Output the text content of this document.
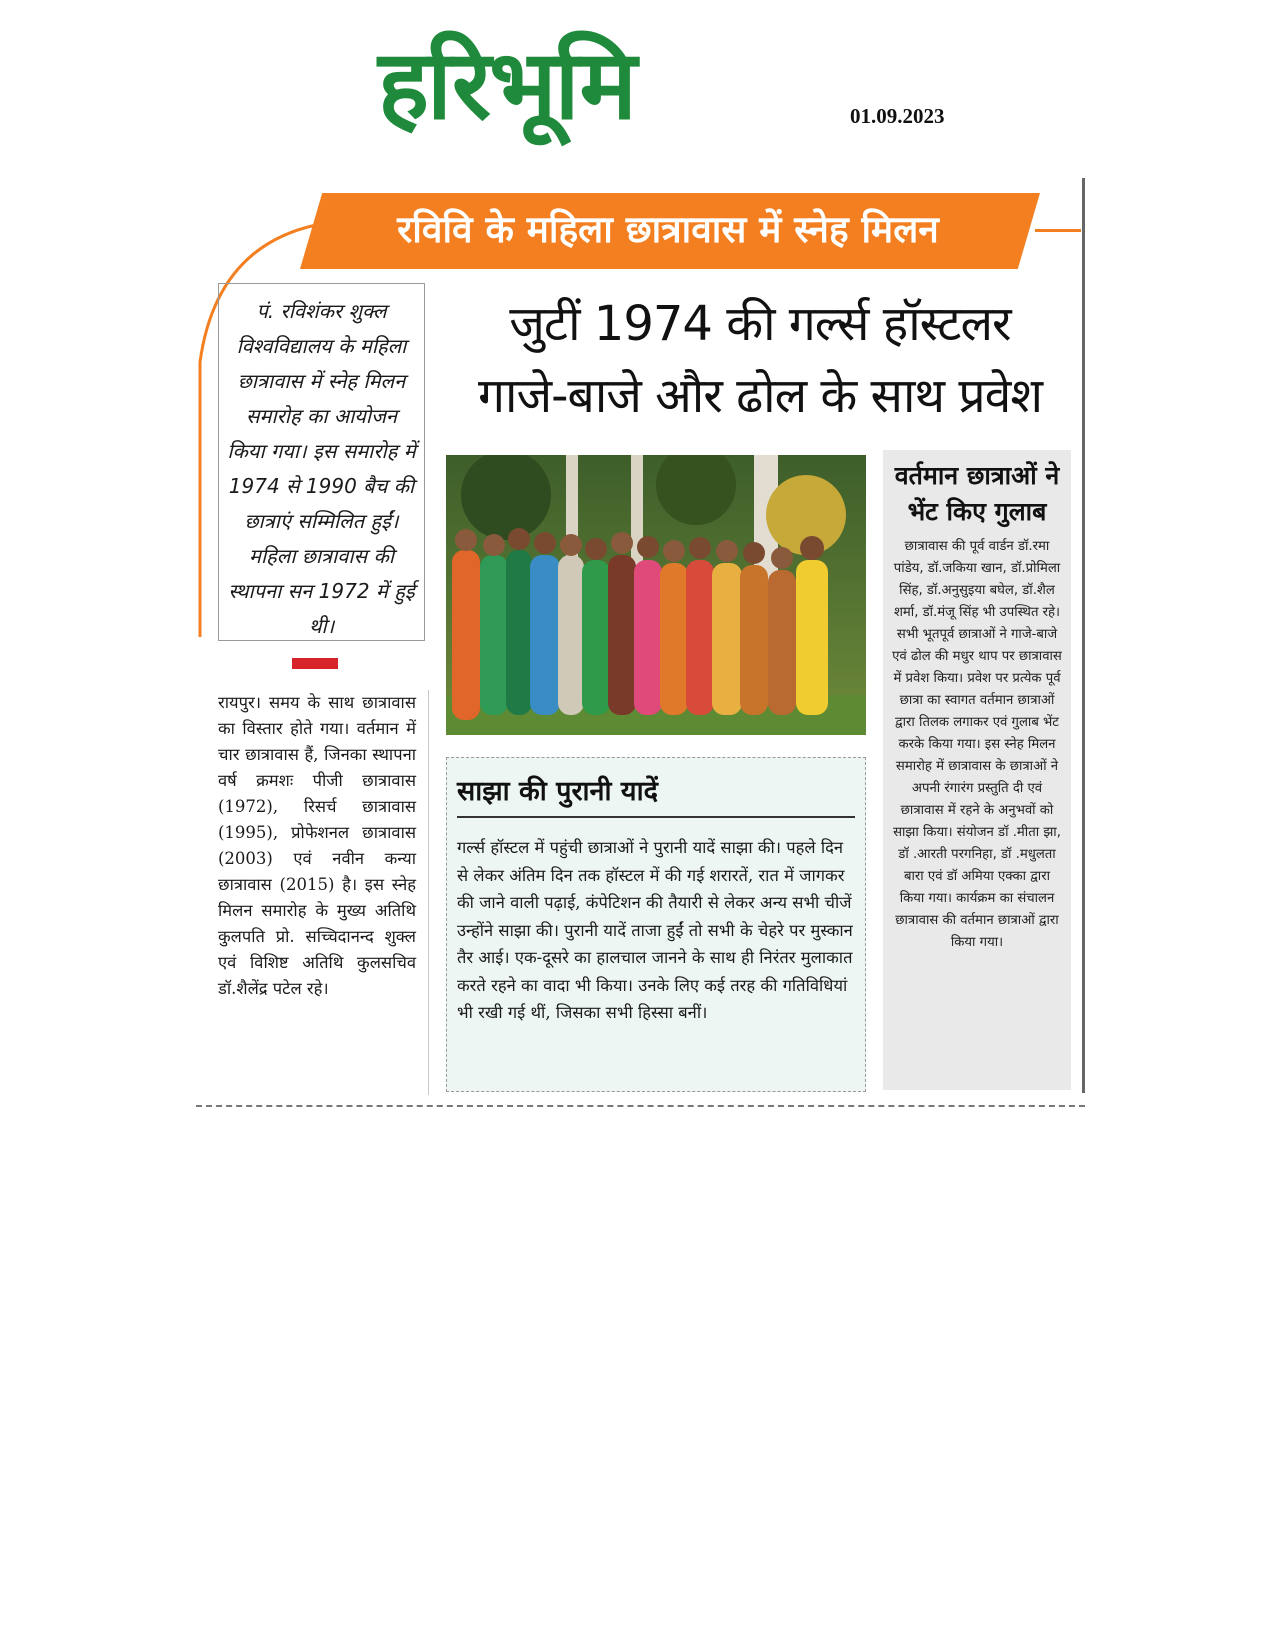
हरिभूमि	01.09.2023
रविवि के महिला छात्रावास में स्नेह मिलन
पं. रविशंकर शुक्ल विश्वविद्यालय के महिला छात्रावास में स्नेह मिलन समारोह का आयोजन किया गया। इस समारोह में 1974 से 1990 बैच की छात्राएं सम्मिलित हुईं। महिला छात्रावास की स्थापना सन 1972 में हुई थी।
रायपुर। समय के साथ छात्रावास का विस्तार होते गया। वर्तमान में चार छात्रावास हैं, जिनका स्थापना वर्ष क्रमशः पीजी छात्रावास (1972), रिसर्च छात्रावास (1995), प्रोफेशनल छात्रावास (2003) एवं नवीन कन्या छात्रावास (2015) है। इस स्नेह मिलन समारोह के मुख्य अतिथि कुलपति प्रो. सच्चिदानन्द शुक्ल एवं विशिष्ट अतिथि कुलसचिव डॉ.शैलेंद्र पटेल रहे।
जुटीं 1974 की गर्ल्स हॉस्टलर
गाजे-बाजे और ढोल के साथ प्रवेश
वर्तमान छात्राओं ने भेंट किए गुलाब
छात्रावास की पूर्व वार्डन डॉ.रमा पांडेय, डॉ.जकिया खान, डॉ.प्रोमिला सिंह, डॉ.अनुसुइया बघेल, डॉ.शैल शर्मा, डॉ.मंजू सिंह भी उपस्थित रहे। सभी भूतपूर्व छात्राओं ने गाजे-बाजे एवं ढोल की मधुर थाप पर छात्रावास में प्रवेश किया। प्रवेश पर प्रत्येक पूर्व छात्रा का स्वागत वर्तमान छात्राओं द्वारा तिलक लगाकर एवं गुलाब भेंट करके किया गया। इस स्नेह मिलन समारोह में छात्रावास के छात्राओं ने अपनी रंगारंग प्रस्तुति दी एवं छात्रावास में रहने के अनुभवों को साझा किया। संयोजन डॉ .मीता झा, डॉ .आरती परगनिहा, डॉ .मधुलता बारा एवं डॉ अमिया एक्का द्वारा किया गया। कार्यक्रम का संचालन छात्रावास की वर्तमान छात्राओं द्वारा किया गया।
साझा की पुरानी यादें
गर्ल्स हॉस्टल में पहुंची छात्राओं ने पुरानी यादें साझा की। पहले दिन से लेकर अंतिम दिन तक हॉस्टल में की गई शरारतें, रात में जागकर की जाने वाली पढ़ाई, कंपेटिशन की तैयारी से लेकर अन्य सभी चीजें उन्होंने साझा की। पुरानी यादें ताजा हुईं तो सभी के चेहरे पर मुस्कान तैर आई। एक-दूसरे का हालचाल जानने के साथ ही निरंतर मुलाकात करते रहने का वादा भी किया। उनके लिए कई तरह की गतिविधियां भी रखी गई थीं, जिसका सभी हिस्सा बनीं।
